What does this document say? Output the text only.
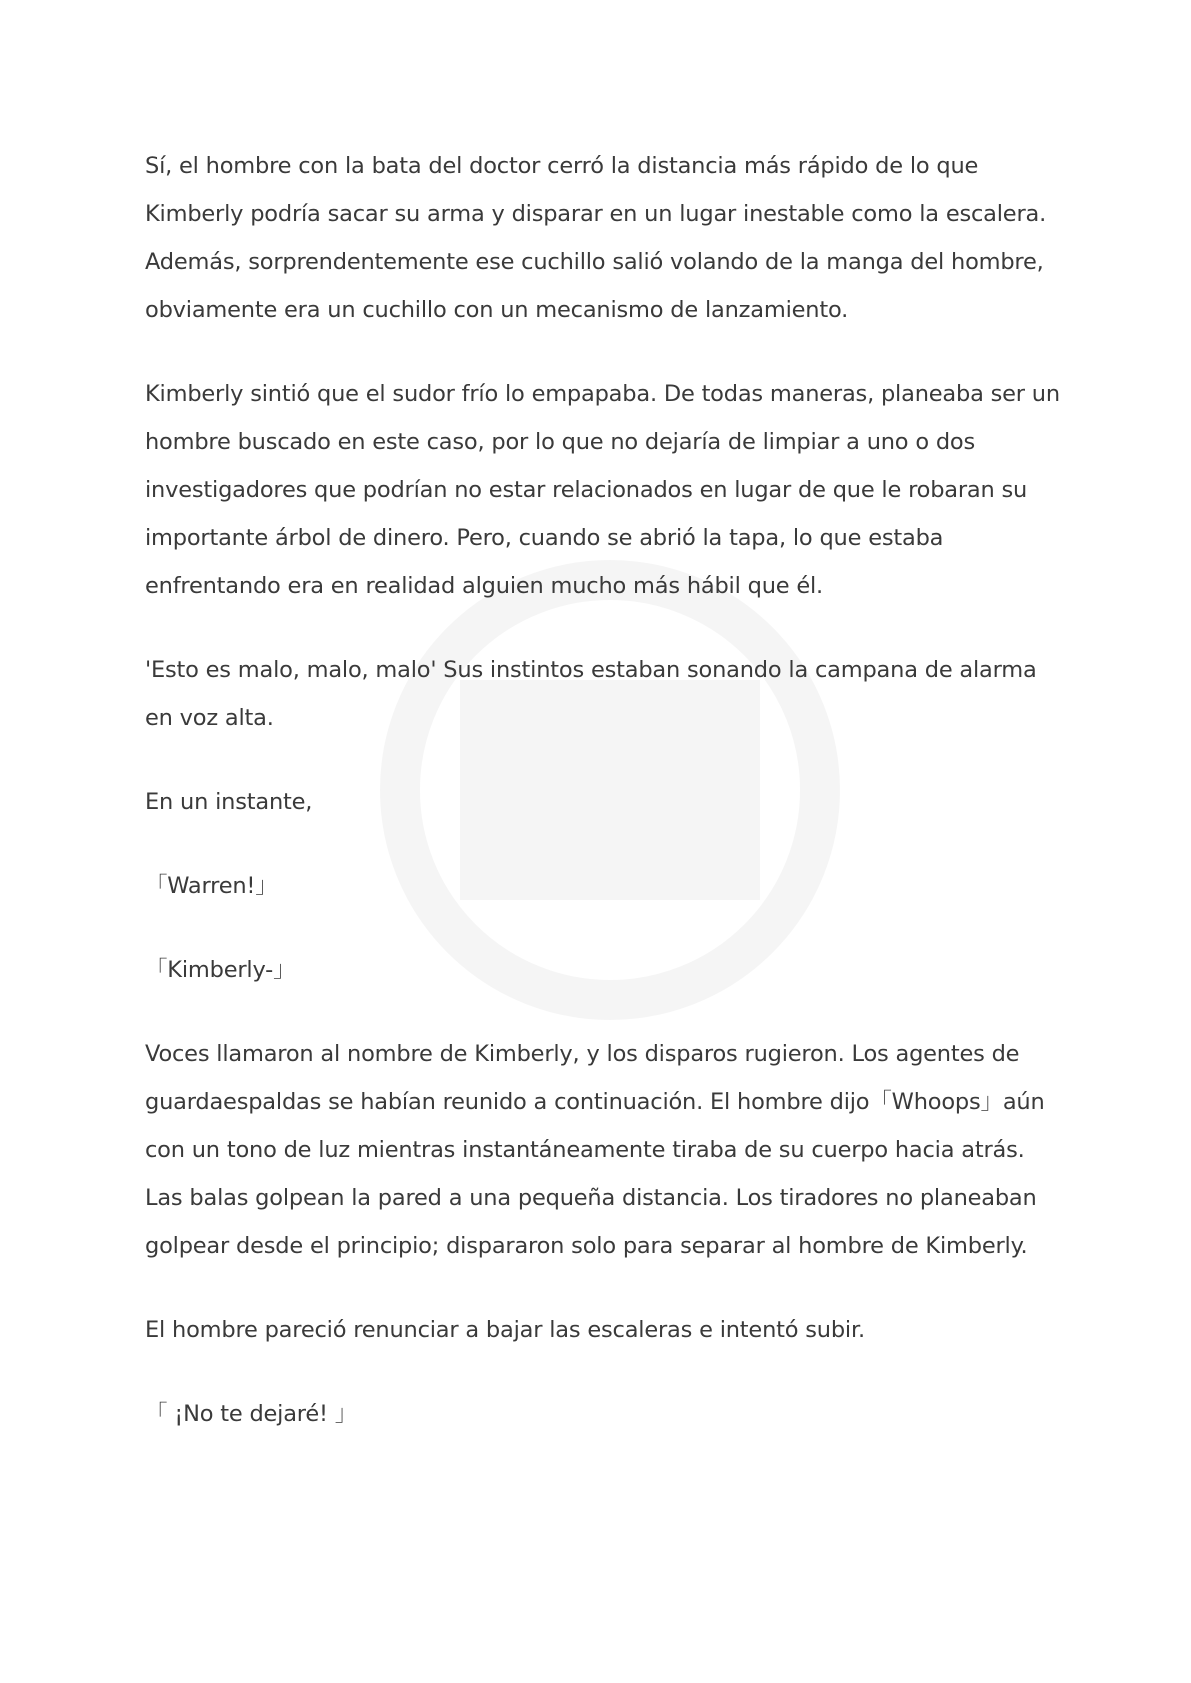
Sí, el hombre con la bata del doctor cerró la distancia más rápido de lo que Kimberly podría sacar su arma y disparar en un lugar inestable como la escalera. Además, sorprendentemente ese cuchillo salió volando de la manga del hombre, obviamente era un cuchillo con un mecanismo de lanzamiento.

Kimberly sintió que el sudor frío lo empapaba. De todas maneras, planeaba ser un hombre buscado en este caso, por lo que no dejaría de limpiar a uno o dos investigadores que podrían no estar relacionados en lugar de que le robaran su importante árbol de dinero. Pero, cuando se abrió la tapa, lo que estaba enfrentando era en realidad alguien mucho más hábil que él.

'Esto es malo, malo, malo' Sus instintos estaban sonando la campana de alarma en voz alta.

En un instante,

「Warren!」

「Kimberly-」

Voces llamaron al nombre de Kimberly, y los disparos rugieron. Los agentes de guardaespaldas se habían reunido a continuación. El hombre dijo「Whoops」aún con un tono de luz mientras instantáneamente tiraba de su cuerpo hacia atrás. Las balas golpean la pared a una pequeña distancia. Los tiradores no planeaban golpear desde el principio; dispararon solo para separar al hombre de Kimberly.

El hombre pareció renunciar a bajar las escaleras e intentó subir.

「 ¡No te dejaré! 」
